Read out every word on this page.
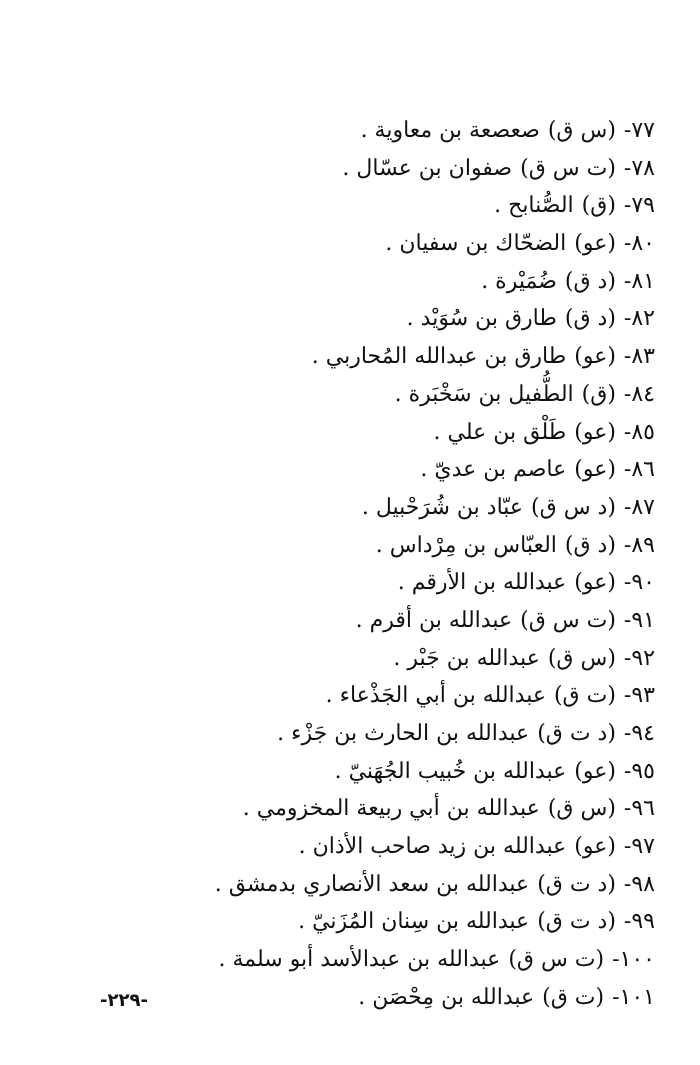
٧٧-(س ق)صعصعة بن معاوية .
٧٨-(ت س ق)صفوان بن عسّال .
٧٩-(ق)الصُّنابح .
٨٠-(عو)الضحّاك بن سفيان .
٨١-(د ق)ضُمَيْرة .
٨٢-(د ق)طارق بن سُوَيْد .
٨٣-(عو)طارق بن عبدالله المُحاربي .
٨٤-(ق)الطُّفيل بن سَخْبَرة .
٨٥-(عو)طَلْق بن علي .
٨٦-(عو)عاصم بن عديّ .
٨٧-(د س ق)عبّاد بن شُرَحْبيل .
٨٩-(د ق)العبّاس بن مِرْداس .
٩٠-(عو)عبدالله بن الأرقم .
٩١-(ت س ق)عبدالله بن أقرم .
٩٢-(س ق)عبدالله بن جَبْر .
٩٣-(ت ق)عبدالله بن أبي الجَذْعاء .
٩٤-(د ت ق)عبدالله بن الحارث بن جَزْء .
٩٥-(عو)عبدالله بن خُبيب الجُهَنيّ .
٩٦-(س ق)عبدالله بن أبي ربيعة المخزومي .
٩٧-(عو)عبدالله بن زيد صاحب الأذان .
٩٨-(د ت ق)عبدالله بن سعد الأنصاري بدمشق .
٩٩-(د ت ق)عبدالله بن سِنان المُزَنيّ .
١٠٠-(ت س ق)عبدالله بن عبدالأسد أبو سلمة .
١٠١-(ت ق)عبدالله بن مِحْصَن .
-٢٢٩-
